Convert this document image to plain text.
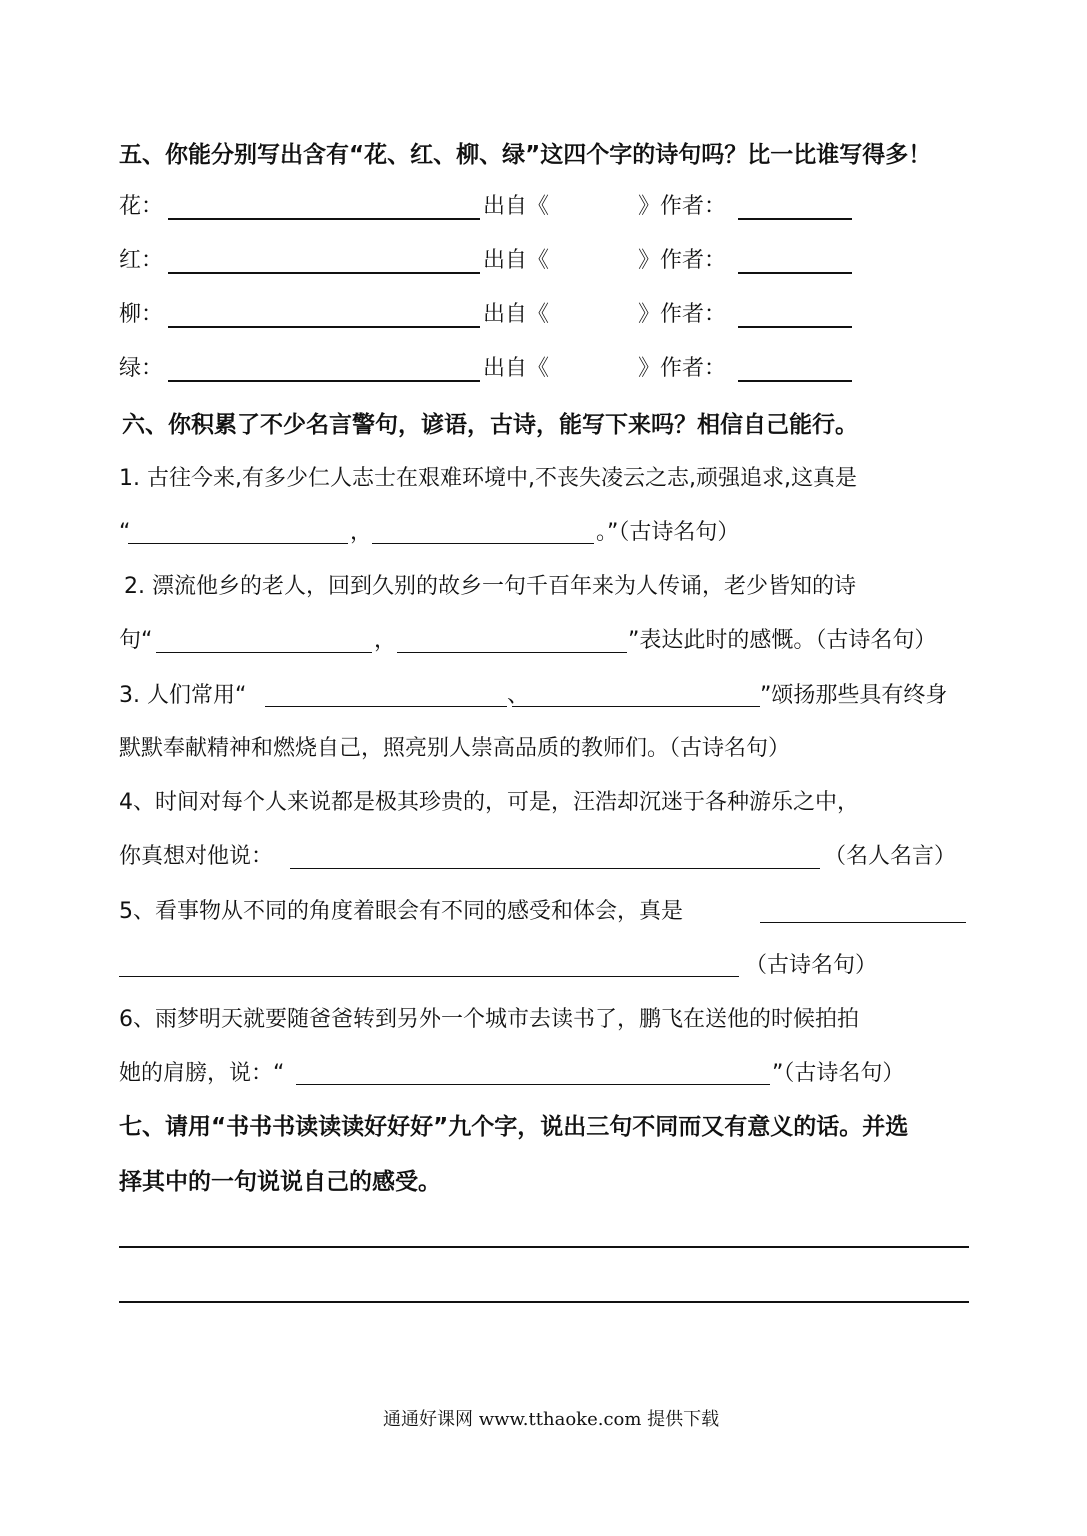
五、你能分别写出含有“花、红、柳、绿”这四个字的诗句吗？比一比谁写得多！
花：	出自《	》作者：
红：	出自《	》作者：
柳：	出自《	》作者：
绿：	出自《	》作者：
六、你积累了不少名言警句，谚语，古诗，能写下来吗？相信自己能行。
1. 古往今来,有多少仁人志士在艰难环境中,不丧失凌云之志,顽强追求,这真是
“	，	。”（古诗名句）
2. 漂流他乡的老人，回到久别的故乡一句千百年来为人传诵，老少皆知的诗
句“	，	”表达此时的感慨。（古诗名句）
3. 人们常用“	、	”颂扬那些具有终身
默默奉献精神和燃烧自己，照亮别人崇高品质的教师们。（古诗名句）
4、时间对每个人来说都是极其珍贵的，可是，汪浩却沉迷于各种游乐之中，
你真想对他说：	（名人名言）
5、看事物从不同的角度着眼会有不同的感受和体会，真是
（古诗名句）
6、雨梦明天就要随爸爸转到另外一个城市去读书了，鹏飞在送他的时候拍拍
她的肩膀，说：“	”（古诗名句）
七、请用“书书书读读读好好好”九个字，说出三句不同而又有意义的话。并选
择其中的一句说说自己的感受。
通通好课网 www.tthaoke.com 提供下载
